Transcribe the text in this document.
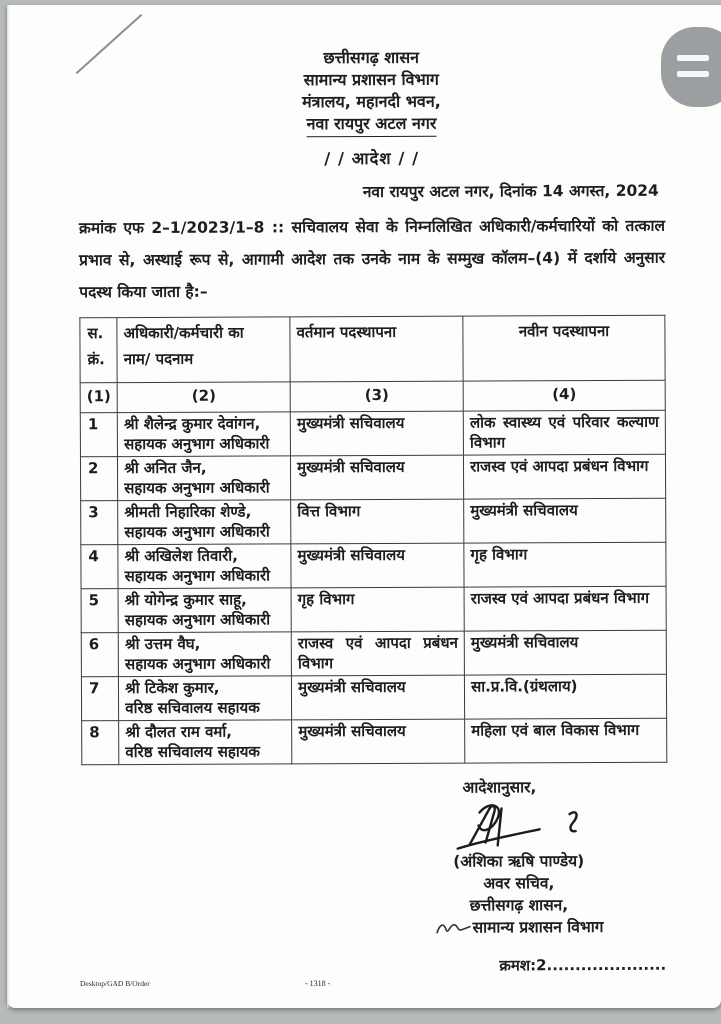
छत्तीसगढ़ शासन
सामान्य प्रशासन विभाग
मंत्रालय, महानदी भवन,
नवा रायपुर अटल नगर
/ / आदेश / /
नवा रायपुर अटल नगर, दिनांक 14 अगस्त, 2024
क्रमांक एफ 2–1/2023/1–8 :: सचिवालय सेवा के निम्नलिखित अधिकारी/कर्मचारियों को तत्काल प्रभाव से, अस्थाई रूप से, आगामी आदेश तक उनके नाम के सम्मुख कॉलम–(4) में दर्शाये अनुसार पदस्थ किया जाता है:–
स.
क्रं.	अधिकारी/कर्मचारी का
नाम/ पदनाम	वर्तमान पदस्थापना	नवीन पदस्थापना
(1)	(2)	(3)	(4)
1	श्री शैलेन्द्र कुमार देवांगन,
सहायक अनुभाग अधिकारी	मुख्यमंत्री सचिवालय	लोक स्वास्थ्य एवं परिवार कल्याण विभाग
2	श्री अनित जैन,
सहायक अनुभाग अधिकारी	मुख्यमंत्री सचिवालय	राजस्व एवं आपदा प्रबंधन विभाग
3	श्रीमती निहारिका शेण्डे,
सहायक अनुभाग अधिकारी	वित्त विभाग	मुख्यमंत्री सचिवालय
4	श्री अखिलेश तिवारी,
सहायक अनुभाग अधिकारी	मुख्यमंत्री सचिवालय	गृह विभाग
5	श्री योगेन्द्र कुमार साहू,
सहायक अनुभाग अधिकारी	गृह विभाग	राजस्व एवं आपदा प्रबंधन विभाग
6	श्री उत्तम वैघ,
सहायक अनुभाग अधिकारी	राजस्व एवं आपदा प्रबंधन विभाग	मुख्यमंत्री सचिवालय
7	श्री टिकेश कुमार,
वरिष्ठ सचिवालय सहायक	मुख्यमंत्री सचिवालय	सा.प्र.वि.(ग्रंथलाय)
8	श्री दौलत राम वर्मा,
वरिष्ठ सचिवालय सहायक	मुख्यमंत्री सचिवालय	महिला एवं बाल विकास विभाग
आदेशानुसार,
(अंशिका ऋषि पाण्डेय)
अवर सचिव,
छत्तीसगढ़ शासन,
सामान्य प्रशासन विभाग
क्रमश:2.....................
Desktop/GAD B/Order	- 1318 -
